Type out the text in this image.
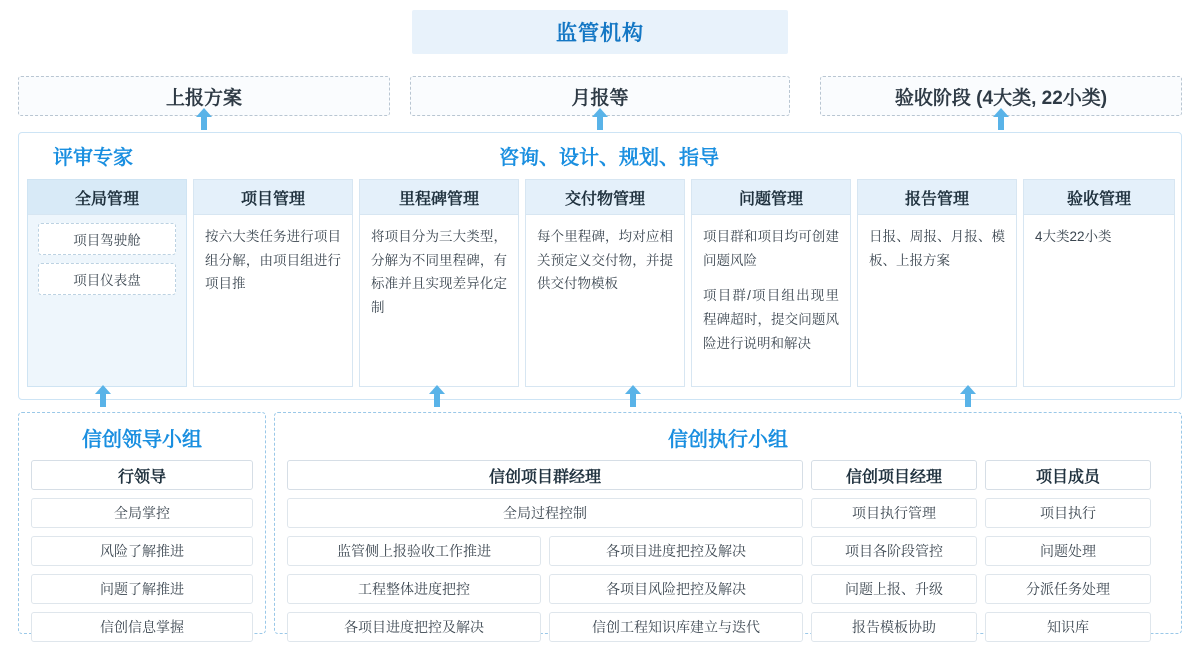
监管机构
上报方案	月报等	验收阶段 (4大类, 22小类)
评审专家	咨询、设计、规划、指导
全局管理
项目驾驶舱
项目仪表盘
项目管理

按六大类任务进行项目组分解，由项目组进行项目推

里程碑管理

将项目分为三大类型，分解为不同里程碑，有标准并且实现差异化定制

交付物管理

每个里程碑，均对应相关预定义交付物，并提供交付物模板

问题管理

项目群和项目均可创建问题风险

项目群/项目组出现里程碑超时，提交问题风险进行说明和解决

报告管理

日报、周报、月报、模板、上报方案

验收管理

4大类22小类

信创领导小组
行领导
全局掌控
风险了解推进
问题了解推进
信创信息掌握
信创执行小组
信创项目群经理	信创项目经理	项目成员
全局过程控制	项目执行管理	项目执行
监管侧上报验收工作推进	各项目进度把控及解决	项目各阶段管控	问题处理
工程整体进度把控	各项目风险把控及解决	问题上报、升级	分派任务处理
各项目进度把控及解决	信创工程知识库建立与迭代	报告模板协助	知识库
